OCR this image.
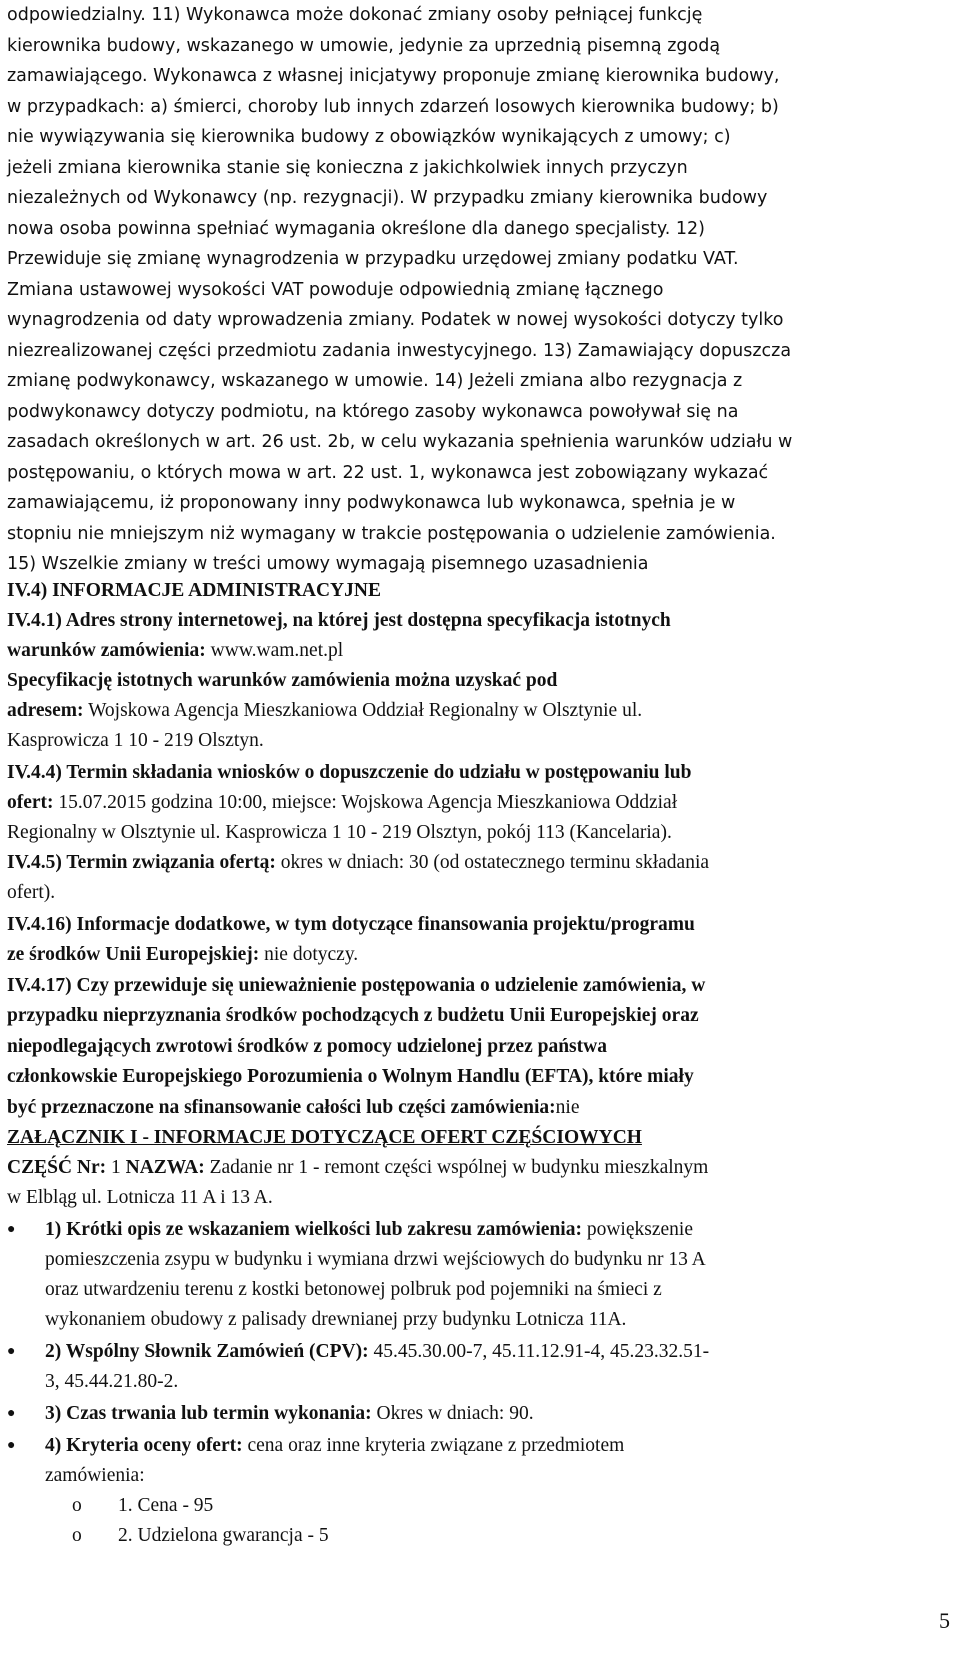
odpowiedzialny. 11) Wykonawca może dokonać zmiany osoby pełniącej funkcję
kierownika budowy, wskazanego w umowie, jedynie za uprzednią pisemną zgodą
zamawiającego. Wykonawca z własnej inicjatywy proponuje zmianę kierownika budowy,
w przypadkach: a) śmierci, choroby lub innych zdarzeń losowych kierownika budowy; b)
nie wywiązywania się kierownika budowy z obowiązków wynikających z umowy; c)
jeżeli zmiana kierownika stanie się konieczna z jakichkolwiek innych przyczyn
niezależnych od Wykonawcy (np. rezygnacji). W przypadku zmiany kierownika budowy
nowa osoba powinna spełniać wymagania określone dla danego specjalisty. 12)
Przewiduje się zmianę wynagrodzenia w przypadku urzędowej zmiany podatku VAT.
Zmiana ustawowej wysokości VAT powoduje odpowiednią zmianę łącznego
wynagrodzenia od daty wprowadzenia zmiany. Podatek w nowej wysokości dotyczy tylko
niezrealizowanej części przedmiotu zadania inwestycyjnego. 13) Zamawiający dopuszcza
zmianę podwykonawcy, wskazanego w umowie. 14) Jeżeli zmiana albo rezygnacja z
podwykonawcy dotyczy podmiotu, na którego zasoby wykonawca powoływał się na
zasadach określonych w art. 26 ust. 2b, w celu wykazania spełnienia warunków udziału w
postępowaniu, o których mowa w art. 22 ust. 1, wykonawca jest zobowiązany wykazać
zamawiającemu, iż proponowany inny podwykonawca lub wykonawca, spełnia je w
stopniu nie mniejszym niż wymagany w trakcie postępowania o udzielenie zamówienia.
15) Wszelkie zmiany w treści umowy wymagają pisemnego uzasadnienia
IV.4) INFORMACJE ADMINISTRACYJNE
IV.4.1) Adres strony internetowej, na której jest dostępna specyfikacja istotnych
warunków zamówienia: www.wam.net.pl
Specyfikację istotnych warunków zamówienia można uzyskać pod
adresem: Wojskowa Agencja Mieszkaniowa Oddział Regionalny w Olsztynie ul.
Kasprowicza 1 10 - 219 Olsztyn.
IV.4.4) Termin składania wniosków o dopuszczenie do udziału w postępowaniu lub
ofert: 15.07.2015 godzina 10:00, miejsce: Wojskowa Agencja Mieszkaniowa Oddział
Regionalny w Olsztynie ul. Kasprowicza 1 10 - 219 Olsztyn, pokój 113 (Kancelaria).
IV.4.5) Termin związania ofertą: okres w dniach: 30 (od ostatecznego terminu składania
ofert).
IV.4.16) Informacje dodatkowe, w tym dotyczące finansowania projektu/programu
ze środków Unii Europejskiej: nie dotyczy.
IV.4.17) Czy przewiduje się unieważnienie postępowania o udzielenie zamówienia, w
przypadku nieprzyznania środków pochodzących z budżetu Unii Europejskiej oraz
niepodlegających zwrotowi środków z pomocy udzielonej przez państwa
członkowskie Europejskiego Porozumienia o Wolnym Handlu (EFTA), które miały
być przeznaczone na sfinansowanie całości lub części zamówienia:nie
ZAŁĄCZNIK I - INFORMACJE DOTYCZĄCE OFERT CZĘŚCIOWYCH
CZĘŚĆ Nr: 1 NAZWA: Zadanie nr 1 - remont części wspólnej w budynku mieszkalnym
w Elbląg ul. Lotnicza 11 A i 13 A.
● 1) Krótki opis ze wskazaniem wielkości lub zakresu zamówienia: powiększenie
pomieszczenia zsypu w budynku i wymiana drzwi wejściowych do budynku nr 13 A
oraz utwardzeniu terenu z kostki betonowej polbruk pod pojemniki na śmieci z
wykonaniem obudowy z palisady drewnianej przy budynku Lotnicza 11A.
● 2) Wspólny Słownik Zamówień (CPV): 45.45.30.00-7, 45.11.12.91-4, 45.23.32.51-
3, 45.44.21.80-2.
● 3) Czas trwania lub termin wykonania: Okres w dniach: 90.
● 4) Kryteria oceny ofert: cena oraz inne kryteria związane z przedmiotem
zamówienia:
o 1. Cena - 95
o 2. Udzielona gwarancja - 5
5
